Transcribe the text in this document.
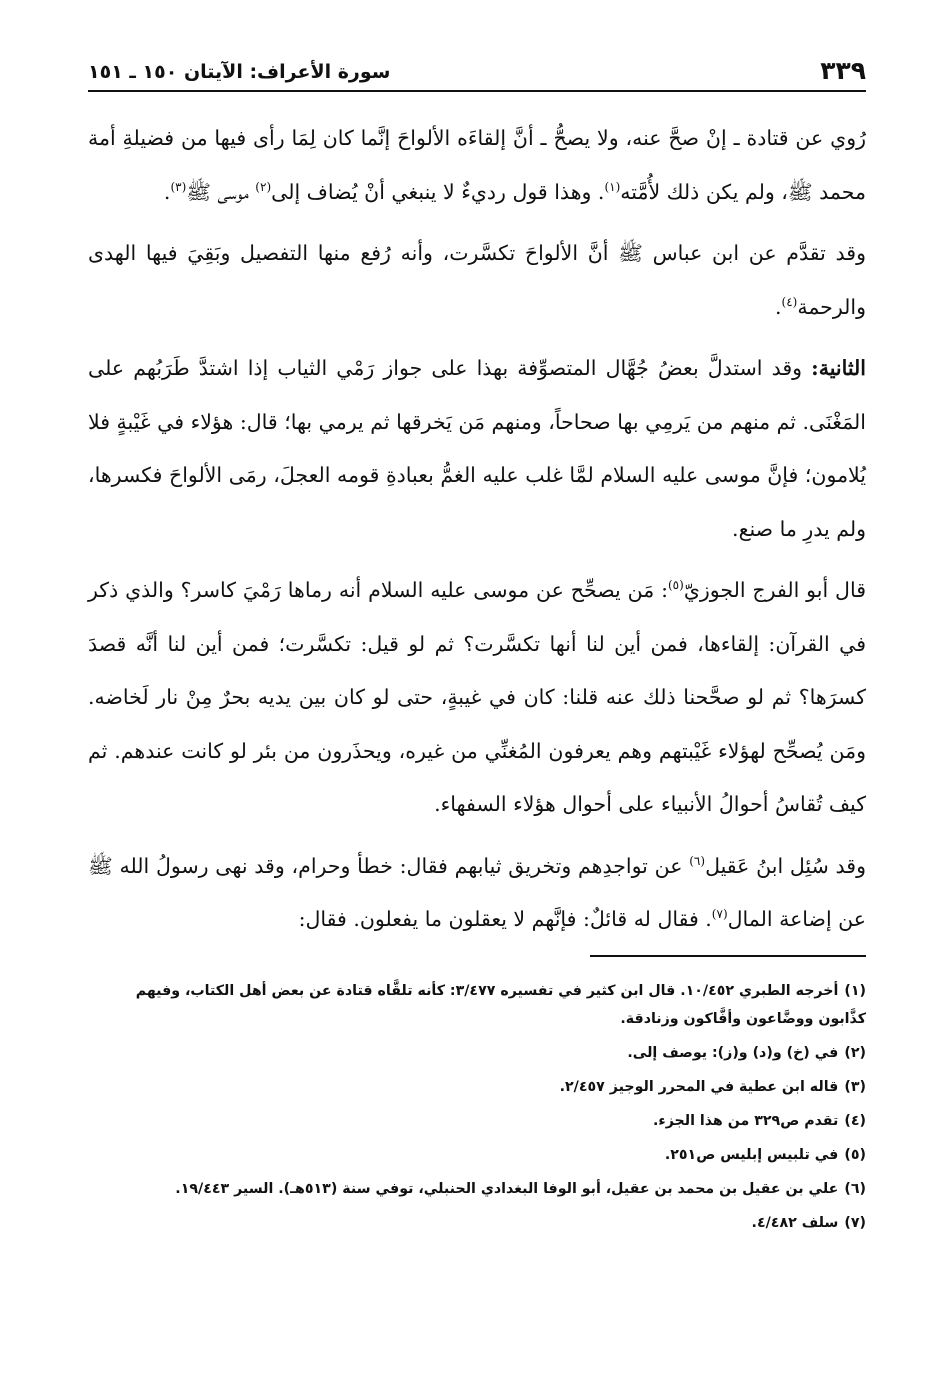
٣٣٩
سورة الأعراف: الآيتان ١٥٠ ـ ١٥١

رُوي عن قتادة ـ إنْ صحَّ عنه، ولا يصحُّ ـ أنَّ إلقاءَه الألواحَ إنَّما كان لِمَا رأى فيها من فضيلةِ أمة محمد ﷺ، ولم يكن ذلك لأُمَّته$^{(١)}$. وهذا قول رديءٌ لا ينبغي أنْ يُضاف إلى$^{(٢)}$ موسى ﷺ$^{(٣)}$.

وقد تقدَّم عن ابن عباس ﷺ أنَّ الألواحَ تكسَّرت، وأنه رُفع منها التفصيل وبَقِيَ فيها الهدى والرحمة$^{(٤)}$.

الثانية: وقد استدلَّ بعضُ جُهَّال المتصوِّفة بهذا على جواز رَمْي الثياب إذا اشتدَّ طَرَبُهم على المَغْنَى. ثم منهم من يَرمِي بها صحاحاً، ومنهم مَن يَخرقها ثم يرمي بها؛ قال: هؤلاء في غَيْبةٍ فلا يُلامون؛ فإنَّ موسى عليه السلام لمَّا غلب عليه الغمُّ بعبادةِ قومه العجلَ، رمَى الألواحَ فكسرها، ولم يدرِ ما صنع.

قال أبو الفرج الجوزيّ$^{(٥)}$: مَن يصحِّح عن موسى عليه السلام أنه رماها رَمْيَ كاسر؟ والذي ذكر في القرآن: إلقاءها، فمن أين لنا أنها تكسَّرت؟ ثم لو قيل: تكسَّرت؛ فمن أين لنا أنَّه قصدَ كسرَها؟ ثم لو صحَّحنا ذلك عنه قلنا: كان في غيبةٍ، حتى لو كان بين يديه بحرٌ مِنْ نار لَخاضه. ومَن يُصحِّح لهؤلاء غَيْبتهم وهم يعرفون المُغنِّي من غيره، ويحذَرون من بئر لو كانت عندهم. ثم كيف تُقاسُ أحوالُ الأنبياء على أحوال هؤلاء السفهاء.

وقد سُئِل ابنُ عَقيل$^{(٦)}$ عن تواجدِهم وتخريق ثيابهم فقال: خطأ وحرام، وقد نهى رسولُ الله ﷺ عن إضاعة المال$^{(٧)}$. فقال له قائلٌ: فإنَّهم لا يعقلون ما يفعلون. فقال:

(١)أخرجه الطبري ١٠/٤٥٢. قال ابن كثير في تفسيره ٣/٤٧٧: كأنه تلقَّاه قتادة عن بعض أهل الكتاب، وفيهم كذَّابون ووضَّاعون وأفَّاكون وزنادقة.

(٢)في (خ) و(د) و(ز): يوصف إلى.

(٣)قاله ابن عطية في المحرر الوجيز ٢/٤٥٧.

(٤)تقدم ص٣٢٩ من هذا الجزء.

(٥)في تلبيس إبليس ص٢٥١.

(٦)علي بن عقيل بن محمد بن عقيل، أبو الوفا البغدادي الحنبلي، توفي سنة (٥١٣هـ). السير ١٩/٤٤٣.

(٧)سلف ٤/٤٨٢.
